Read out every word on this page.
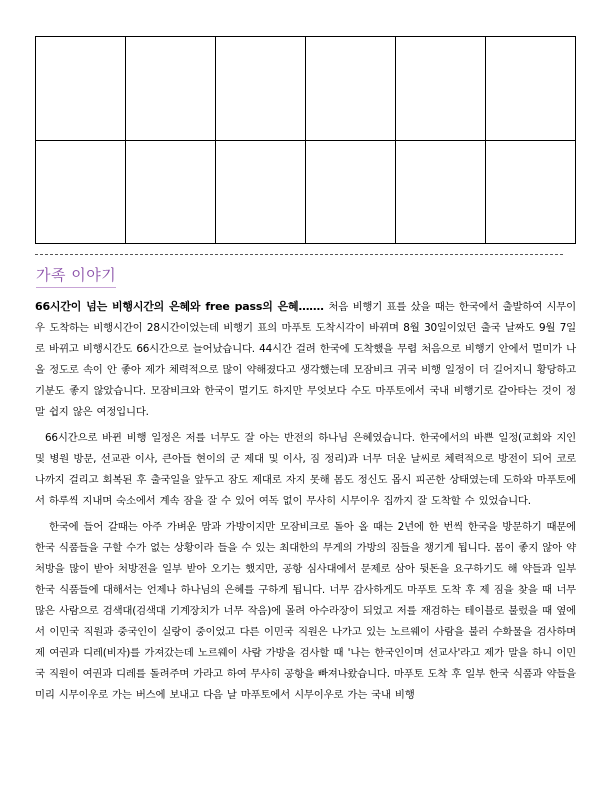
가족 이야기

66시간이 넘는 비행시간의 은혜와 free pass의 은혜……. 처음 비행기 표를 샀을 때는 한국에서 출발하여 시무이우 도착하는 비행시간이 28시간이었는데 비행기 표의 마푸토 도착시각이 바뀌며 8월 30일이었던 출국 날짜도 9월 7일로 바뀌고 비행시간도 66시간으로 늘어났습니다. 44시간 걸려 한국에 도착했을 무렵 처음으로 비행기 안에서 멀미가 나올 정도로 속이 안 좋아 제가 체력적으로 많이 약해졌다고 생각했는데 모잠비크 귀국 비행 일정이 더 길어지니 황당하고 기분도 좋지 않았습니다. 모잠비크와 한국이 멀기도 하지만 무엇보다 수도 마푸토에서 국내 비행기로 갈아타는 것이 정말 쉽지 않은 여정입니다.

66시간으로 바뀐 비행 일정은 저를 너무도 잘 아는 반전의 하나님 은혜였습니다. 한국에서의 바쁜 일정(교회와 지인 및 병원 방문, 선교관 이사, 큰아들 현이의 군 제대 및 이사, 짐 정리)과 너무 더운 날씨로 체력적으로 방전이 되어 코로나까지 걸리고 회복된 후 출국일을 앞두고 잠도 제대로 자지 못해 몸도 정신도 몹시 피곤한 상태였는데 도하와 마푸토에서 하루씩 지내며 숙소에서 계속 잠을 잘 수 있어 여독 없이 무사히 시무이우 집까지 잘 도착할 수 있었습니다.

한국에 들어 갈때는 아주 가벼운 맘과 가방이지만 모잠비크로 돌아 올 때는 2년에 한 번씩 한국을 방문하기 때문에 한국 식품들을 구할 수가 없는 상황이라 들을 수 있는 최대한의 무게의 가방의 짐들을 챙기게 됩니다. 몸이 좋지 않아 약 처방을 많이 받아 처방전을 일부 받아 오기는 했지만, 공항 심사대에서 문제로 삼아 뒷돈을 요구하기도 해 약들과 일부 한국 식품들에 대해서는 언제나 하나님의 은혜를 구하게 됩니다. 너무 감사하게도 마푸토 도착 후 제 짐을 찾을 때 너무 많은 사람으로 검색대(검색대 기계장치가 너무 작음)에 몰려 아수라장이 되었고 저를 재검하는 테이블로 불렀을 때 옆에서 이민국 직원과 중국인이 실랑이 중이었고 다른 이민국 직원은 나가고 있는 노르웨이 사람을 불러 수화물을 검사하며 제 여권과 디레(비자)를 가져갔는데 노르웨이 사람 가방을 검사할 때 '나는 한국인이며 선교사'라고 제가 말을 하니 이민국 직원이 여권과 디레를 돌려주며 가라고 하여 무사히 공항을 빠져나왔습니다. 마푸토 도착 후 일부 한국 식품과 약들을 미리 시무이우로 가는 버스에 보내고 다음 날 마푸토에서 시무이우로 가는 국내 비행
